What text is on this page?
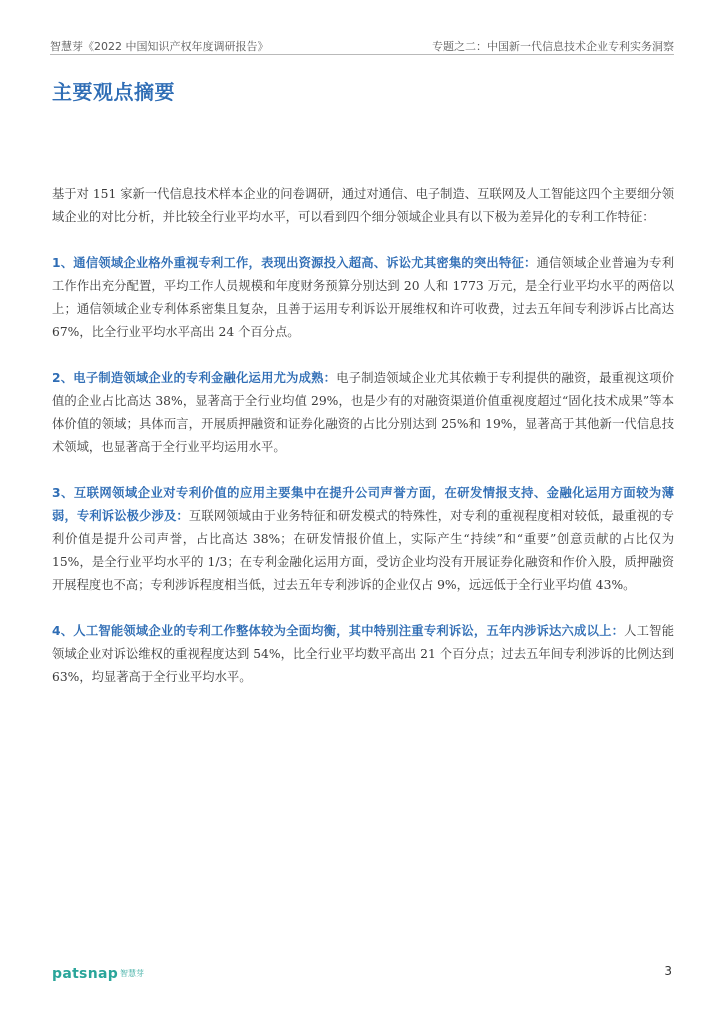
智慧芽《2022 中国知识产权年度调研报告》	专题之二：中国新一代信息技术企业专利实务洞察
主要观点摘要

基于对 151 家新一代信息技术样本企业的问卷调研，通过对通信、电子制造、互联网及人工智能这四个主要细分领域企业的对比分析，并比较全行业平均水平，可以看到四个细分领域企业具有以下极为差异化的专利工作特征：

1、通信领域企业格外重视专利工作，表现出资源投入超高、诉讼尤其密集的突出特征：通信领域企业普遍为专利工作作出充分配置，平均工作人员规模和年度财务预算分别达到 20 人和 1773 万元，是全行业平均水平的两倍以上；通信领域企业专利体系密集且复杂，且善于运用专利诉讼开展维权和许可收费，过去五年间专利涉诉占比高达 67%，比全行业平均水平高出 24 个百分点。

2、电子制造领域企业的专利金融化运用尤为成熟：电子制造领域企业尤其依赖于专利提供的融资，最重视这项价值的企业占比高达 38%，显著高于全行业均值 29%，也是少有的对融资渠道价值重视度超过“固化技术成果”等本体价值的领域；具体而言，开展质押融资和证券化融资的占比分别达到 25%和 19%，显著高于其他新一代信息技术领域，也显著高于全行业平均运用水平。

3、互联网领域企业对专利价值的应用主要集中在提升公司声誉方面，在研发情报支持、金融化运用方面较为薄弱，专利诉讼极少涉及：互联网领域由于业务特征和研发模式的特殊性，对专利的重视程度相对较低，最重视的专利价值是提升公司声誉，占比高达 38%；在研发情报价值上，实际产生“持续”和“重要”创意贡献的占比仅为 15%，是全行业平均水平的 1/3；在专利金融化运用方面，受访企业均没有开展证券化融资和作价入股，质押融资开展程度也不高；专利涉诉程度相当低，过去五年专利涉诉的企业仅占 9%，远远低于全行业平均值 43%。

4、人工智能领域企业的专利工作整体较为全面均衡，其中特别注重专利诉讼，五年内涉诉达六成以上：人工智能领域企业对诉讼维权的重视程度达到 54%，比全行业平均数平高出 21 个百分点；过去五年间专利涉诉的比例达到 63%，均显著高于全行业平均水平。

patsnap 智慧芽	3
